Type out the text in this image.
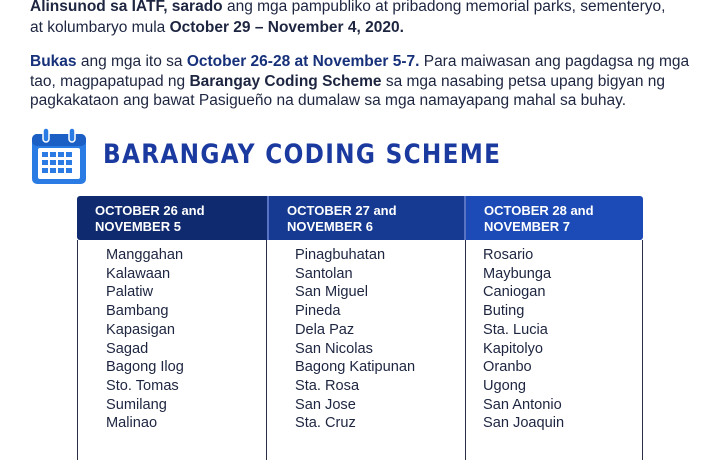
Alinsunod sa IATF, sarado ang mga pampubliko at pribadong memorial parks, sementeryo,
at kolumbaryo mula October 29 – November 4, 2020.
Bukas ang mga ito sa October 26-28 at November 5-7. Para maiwasan ang pagdagsa ng mga tao, magpapatupad ng Barangay Coding Scheme sa mga nasabing petsa upang bigyan ng pagkakataon ang bawat Pasigueño na dumalaw sa mga namayapang mahal sa buhay.
BARANGAY CODING SCHEME
OCTOBER 26 and
NOVEMBER 5
OCTOBER 27 and
NOVEMBER 6
OCTOBER 28 and
NOVEMBER 7
Manggahan
Kalawaan
Palatiw
Bambang
Kapasigan
Sagad
Bagong Ilog
Sto. Tomas
Sumilang
Malinao
Pinagbuhatan
Santolan
San Miguel
Pineda
Dela Paz
San Nicolas
Bagong Katipunan
Sta. Rosa
San Jose
Sta. Cruz
Rosario
Maybunga
Caniogan
Buting
Sta. Lucia
Kapitolyo
Oranbo
Ugong
San Antonio
San Joaquin
